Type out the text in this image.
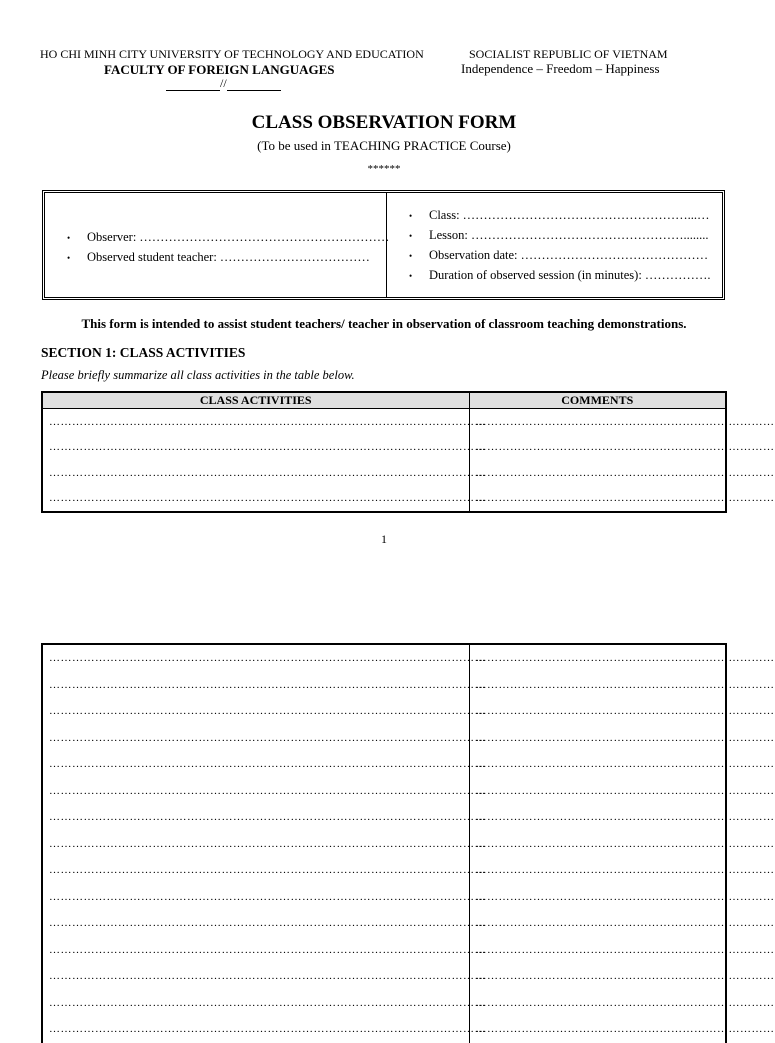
HO CHI MINH CITY UNIVERSITY OF TECHNOLOGY AND EDUCATION
FACULTY OF FOREIGN LANGUAGES
//
SOCIALIST REPUBLIC OF VIETNAM
Independence – Freedom – Happiness
CLASS OBSERVATION FORM
(To be used in TEACHING PRACTICE Course)
******
• Observer: ……………………………………………………
• Observed student teacher: ………………………………
• Class: ………………………………………………...…
• Lesson: ……………………………………………........
• Observation date: ………………………………………
• Duration of observed session (in minutes): …………….
This form is intended to assist student teachers/ teacher in observation of classroom teaching demonstrations.
SECTION 1: CLASS ACTIVITIES
Please briefly summarize all class activities in the table below.
CLASS ACTIVITIES	COMMENTS
……………………………………………………………………………………………………	……………………………………………………………………
……………………………………………………………………………………………………	……………………………………………………………………
……………………………………………………………………………………………………	……………………………………………………………………
……………………………………………………………………………………………………	……………………………………………………………………
1
……………………………………………………………………………………………………	……………………………………………………………………
……………………………………………………………………………………………………	……………………………………………………………………
……………………………………………………………………………………………………	……………………………………………………………………
……………………………………………………………………………………………………	……………………………………………………………………
……………………………………………………………………………………………………	……………………………………………………………………
……………………………………………………………………………………………………	……………………………………………………………………
……………………………………………………………………………………………………	……………………………………………………………………
……………………………………………………………………………………………………	……………………………………………………………………
……………………………………………………………………………………………………	……………………………………………………………………
……………………………………………………………………………………………………	……………………………………………………………………
……………………………………………………………………………………………………	……………………………………………………………………
……………………………………………………………………………………………………	……………………………………………………………………
……………………………………………………………………………………………………	……………………………………………………………………
……………………………………………………………………………………………………	……………………………………………………………………
……………………………………………………………………………………………………	……………………………………………………………………
